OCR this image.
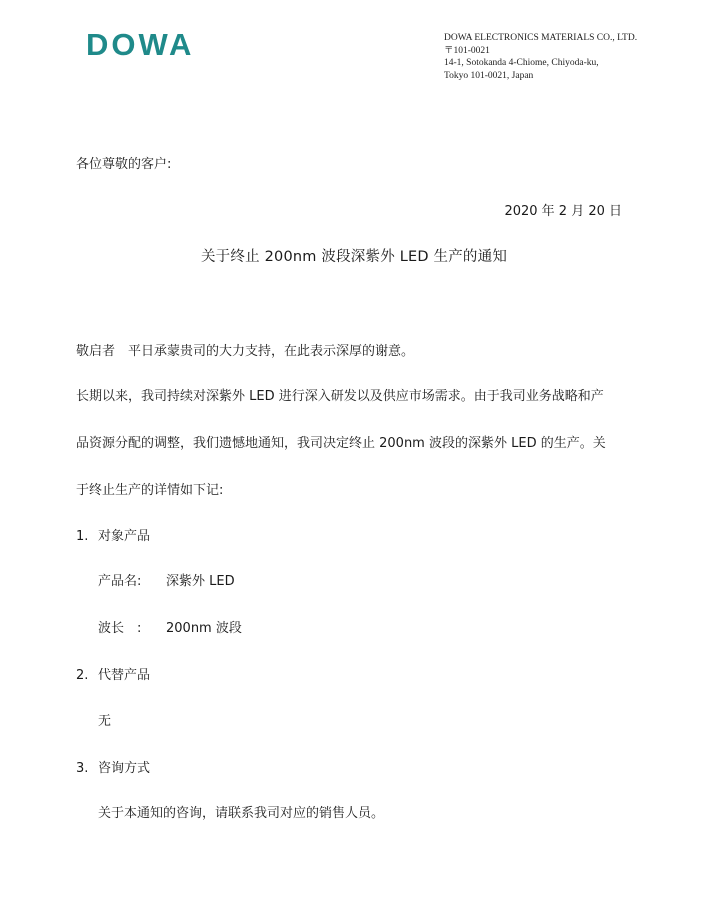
DOWA	DOWA ELECTRONICS MATERIALS CO., LTD.
〒101-0021
14-1, Sotokanda 4-Chiome, Chiyoda-ku,
Tokyo 101-0021, Japan
各位尊敬的客户:
2020 年 2 月 20 日
关于终止 200nm 波段深紫外 LED 生产的通知
敬启者　平日承蒙贵司的大力支持，在此表示深厚的谢意。
长期以来，我司持续对深紫外 LED 进行深入研发以及供应市场需求。由于我司业务战略和产
品资源分配的调整，我们遗憾地通知，我司决定终止 200nm 波段的深紫外 LED 的生产。关
于终止生产的详情如下记:
1. 对象产品
产品名: 深紫外 LED
波长　: 200nm 波段
2. 代替产品
无
3. 咨询方式
关于本通知的咨询，请联系我司对应的销售人员。
